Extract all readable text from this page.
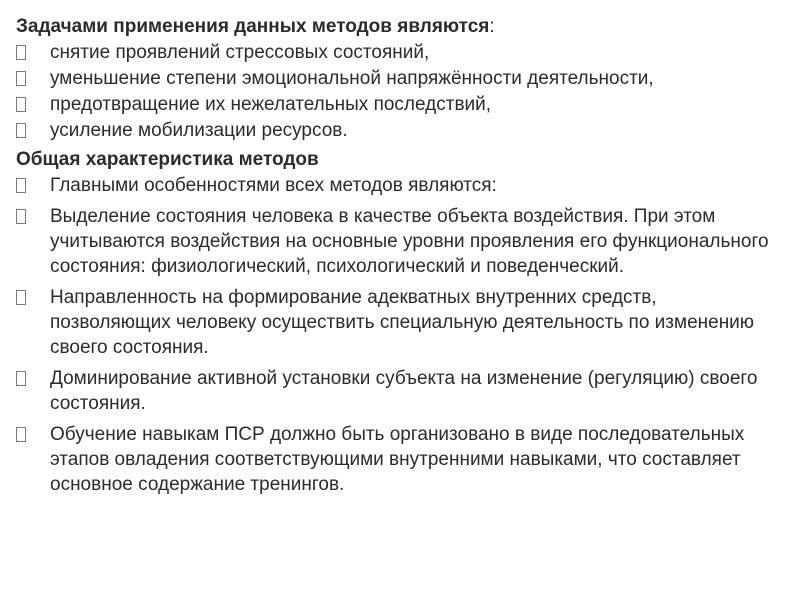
Задачами применения данных методов являются:

снятие проявлений стрессовых состояний,
уменьшение степени эмоциональной напряжённости деятельности,
предотвращение их нежелательных последствий,
усиление мобилизации ресурсов.

Общая характеристика методов

Главными особенностями всех методов являются:
Выделение состояния человека в качестве объекта воздействия. При этом учитываются воздействия на основные уровни проявления его функционального состояния: физиологический, психологический и поведенческий.
Направленность на формирование адекватных внутренних средств, позволяющих человеку осуществить специальную деятельность по изменению своего состояния.
Доминирование активной установки субъекта на изменение (регуляцию) своего состояния.
Обучение навыкам ПСР должно быть организовано в виде последовательных этапов овладения соответствующими внутренними навыками, что составляет основное содержание тренингов.
